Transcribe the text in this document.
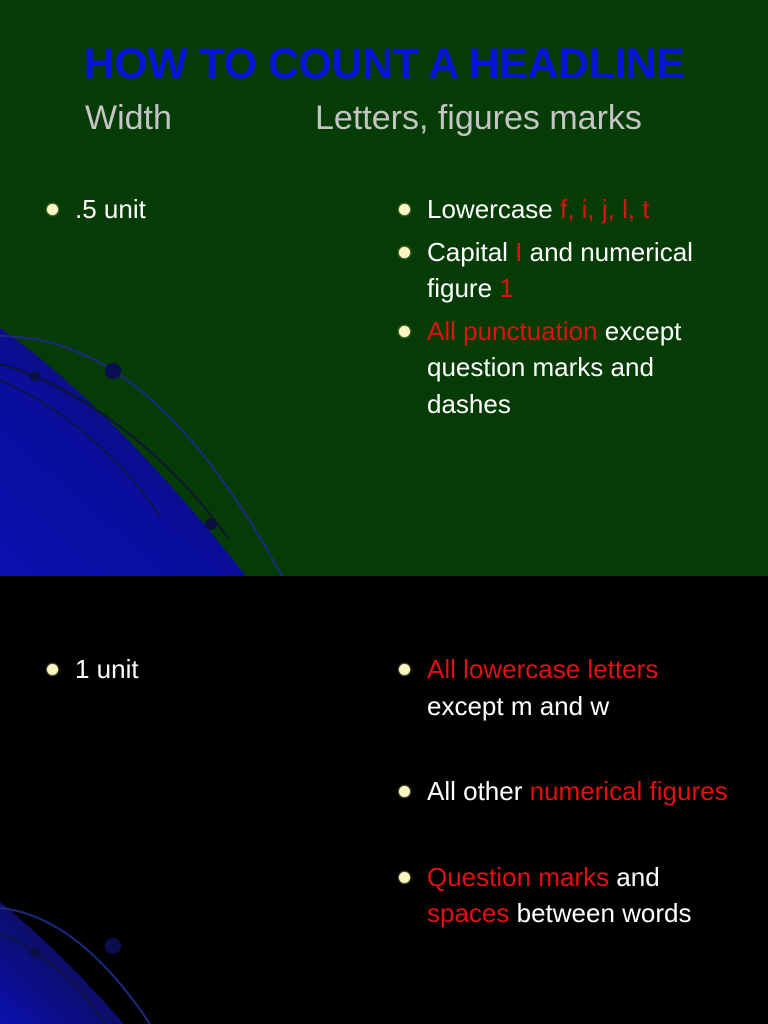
HOW TO COUNT A HEADLINE
Width	Letters, figures marks
.5 unit	Lowercase f, i, j, l, t
Capital I and numerical figure 1
All punctuation except question marks and dashes
1 unit	All lowercase letters except m and w
All other numerical figures
Question marks and spaces between words
